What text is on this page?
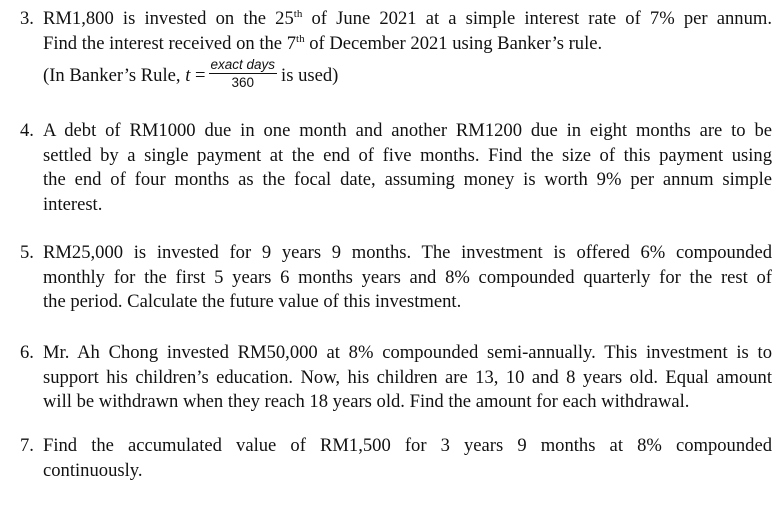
3. RM1,800 is invested on the 25th of June 2021 at a simple interest rate of 7% per annum.
Find the interest received on the 7th of December 2021 using Banker’s rule.
(In Banker’s Rule, $t = \frac{\text{exact days}}{360}$ is used)
4. A debt of RM1000 due in one month and another RM1200 due in eight months are to be
settled by a single payment at the end of five months. Find the size of this payment using
the end of four months as the focal date, assuming money is worth 9% per annum simple
interest.
5. RM25,000 is invested for 9 years 9 months. The investment is offered 6% compounded
monthly for the first 5 years 6 months years and 8% compounded quarterly for the rest of
the period. Calculate the future value of this investment.
6. Mr. Ah Chong invested RM50,000 at 8% compounded semi-annually. This investment is to
support his children’s education. Now, his children are 13, 10 and 8 years old. Equal amount
will be withdrawn when they reach 18 years old. Find the amount for each withdrawal.
7. Find the accumulated value of RM1,500 for 3 years 9 months at 8% compounded
continuously.
